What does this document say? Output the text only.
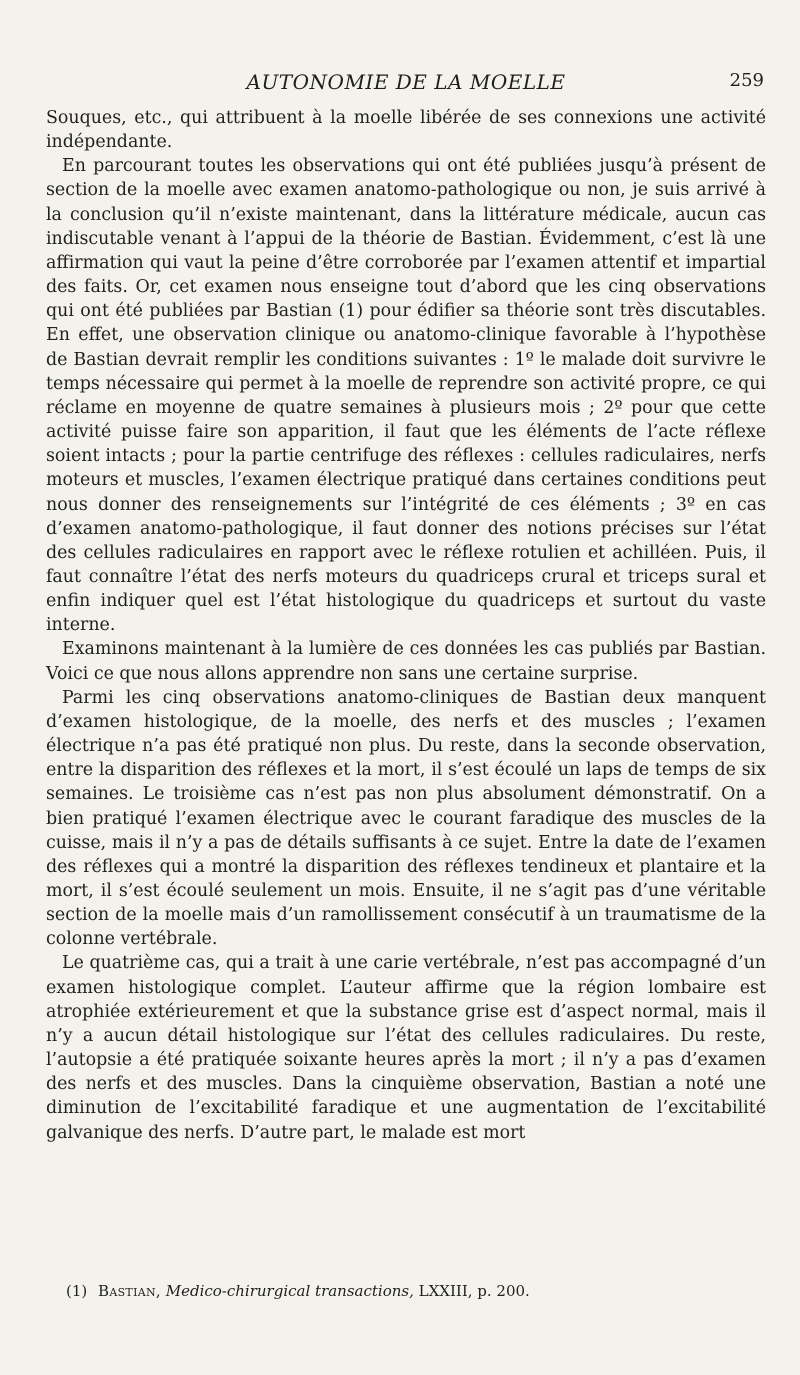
AUTONOMIE DE LA MOELLE	259

Souques, etc., qui attribuent à la moelle libérée de ses connexions une activité indépendante.

En parcourant toutes les observations qui ont été publiées jusqu’à présent de section de la moelle avec examen anatomo-pathologique ou non, je suis arrivé à la conclusion qu’il n’existe maintenant, dans la littérature médicale, aucun cas indiscutable venant à l’appui de la théorie de Bastian. Évidemment, c’est là une affirmation qui vaut la peine d’être corroborée par l’examen attentif et impartial des faits. Or, cet examen nous enseigne tout d’abord que les cinq observations qui ont été publiées par Bastian (1) pour édifier sa théorie sont très discutables. En effet, une observation clinique ou anatomo-clinique favorable à l’hypothèse de Bastian devrait remplir les conditions suivantes : 1º le malade doit survivre le temps nécessaire qui permet à la moelle de reprendre son activité propre, ce qui réclame en moyenne de quatre semaines à plusieurs mois ; 2º pour que cette activité puisse faire son apparition, il faut que les éléments de l’acte réflexe soient intacts ; pour la partie centrifuge des réflexes : cellules radiculaires, nerfs moteurs et muscles, l’examen électrique pratiqué dans certaines conditions peut nous donner des renseignements sur l’intégrité de ces éléments ; 3º en cas d’examen anatomo-pathologique, il faut donner des notions précises sur l’état des cellules radiculaires en rapport avec le réflexe rotulien et achilléen. Puis, il faut connaître l’état des nerfs moteurs du quadriceps crural et triceps sural et enfin indiquer quel est l’état histologique du quadriceps et surtout du vaste interne.

Examinons maintenant à la lumière de ces données les cas publiés par Bastian. Voici ce que nous allons apprendre non sans une certaine surprise.

Parmi les cinq observations anatomo-cliniques de Bastian deux manquent d’examen histologique, de la moelle, des nerfs et des muscles ; l’examen électrique n’a pas été pratiqué non plus. Du reste, dans la seconde observation, entre la disparition des réflexes et la mort, il s’est écoulé un laps de temps de six semaines. Le troisième cas n’est pas non plus absolument démonstratif. On a bien pratiqué l’examen électrique avec le courant faradique des muscles de la cuisse, mais il n’y a pas de détails suffisants à ce sujet. Entre la date de l’examen des réflexes qui a montré la disparition des réflexes tendineux et plantaire et la mort, il s’est écoulé seulement un mois. Ensuite, il ne s’agit pas d’une véritable section de la moelle mais d’un ramollissement consécutif à un traumatisme de la colonne vertébrale.

Le quatrième cas, qui a trait à une carie vertébrale, n’est pas accompagné d’un examen histologique complet. L’auteur affirme que la région lombaire est atrophiée extérieurement et que la substance grise est d’aspect normal, mais il n’y a aucun détail histologique sur l’état des cellules radiculaires. Du reste, l’autopsie a été pratiquée soixante heures après la mort ; il n’y a pas d’examen des nerfs et des muscles. Dans la cinquième observation, Bastian a noté une diminution de l’excitabilité faradique et une augmentation de l’excitabilité galvanique des nerfs. D’autre part, le malade est mort

(1) Bastian, Medico-chirurgical transactions, LXXIII, p. 200.
